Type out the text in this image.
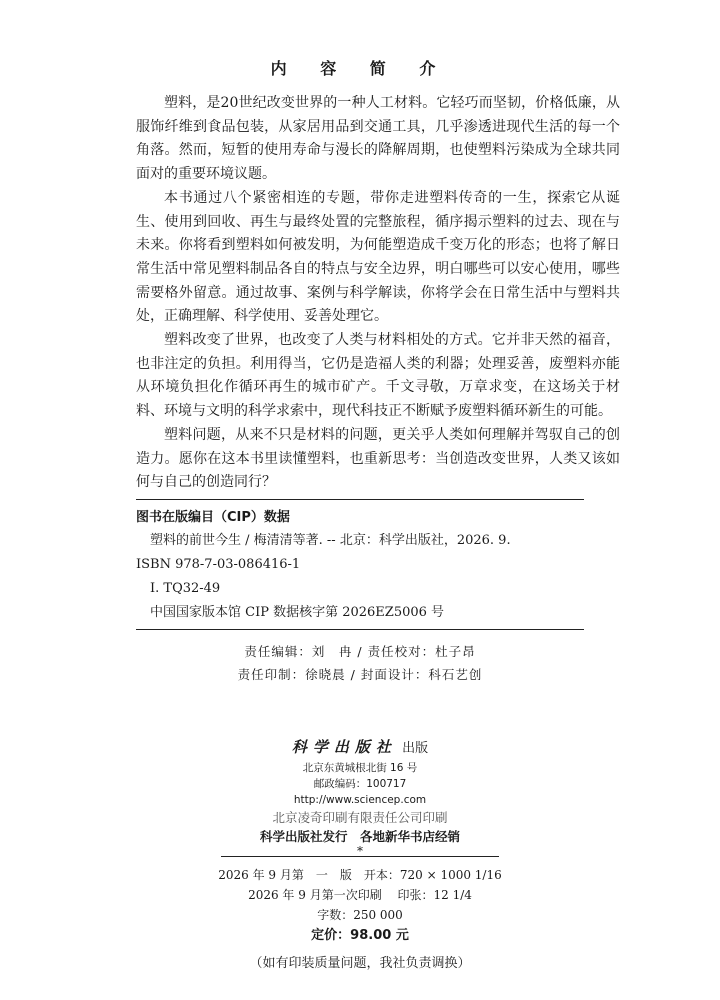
内 容 简 介

塑料，是20世纪改变世界的一种人工材料。它轻巧而坚韧，价格低廉，从服饰纤维到食品包装，从家居用品到交通工具，几乎渗透进现代生活的每一个角落。然而，短暂的使用寿命与漫长的降解周期，也使塑料污染成为全球共同面对的重要环境议题。

本书通过八个紧密相连的专题，带你走进塑料传奇的一生，探索它从诞生、使用到回收、再生与最终处置的完整旅程，循序揭示塑料的过去、现在与未来。你将看到塑料如何被发明，为何能塑造成千变万化的形态；也将了解日常生活中常见塑料制品各自的特点与安全边界，明白哪些可以安心使用，哪些需要格外留意。通过故事、案例与科学解读，你将学会在日常生活中与塑料共处，正确理解、科学使用、妥善处理它。

塑料改变了世界，也改变了人类与材料相处的方式。它并非天然的福音，也非注定的负担。利用得当，它仍是造福人类的利器；处理妥善，废塑料亦能从环境负担化作循环再生的城市矿产。千文寻敬，万章求变，在这场关于材料、环境与文明的科学求索中，现代科技正不断赋予废塑料循环新生的可能。

塑料问题，从来不只是材料的问题，更关乎人类如何理解并驾驭自己的创造力。愿你在这本书里读懂塑料，也重新思考：当创造改变世界，人类又该如何与自己的创造同行？

图书在版编目（CIP）数据
塑料的前世今生 / 梅清清等著. -- 北京：科学出版社，2026. 9.
ISBN 978-7-03-086416-1
Ⅰ. TQ32-49
中国国家版本馆 CIP 数据核字第 2026EZ5006 号
责任编辑：刘　冉 / 责任校对：杜子昂
责任印制：徐晓晨 / 封面设计：科石艺创
科学出版社 出版
北京东黄城根北街 16 号
邮政编码：100717
http://www.sciencep.com
北京凌奇印刷有限责任公司印刷
科学出版社发行　各地新华书店经销
*
2026 年 9 月第　一　版　开本：720 × 1000 1/16
2026 年 9 月第一次印刷　 印张：12 1/4
字数：250 000
定价：98.00 元
（如有印装质量问题，我社负责调换）
